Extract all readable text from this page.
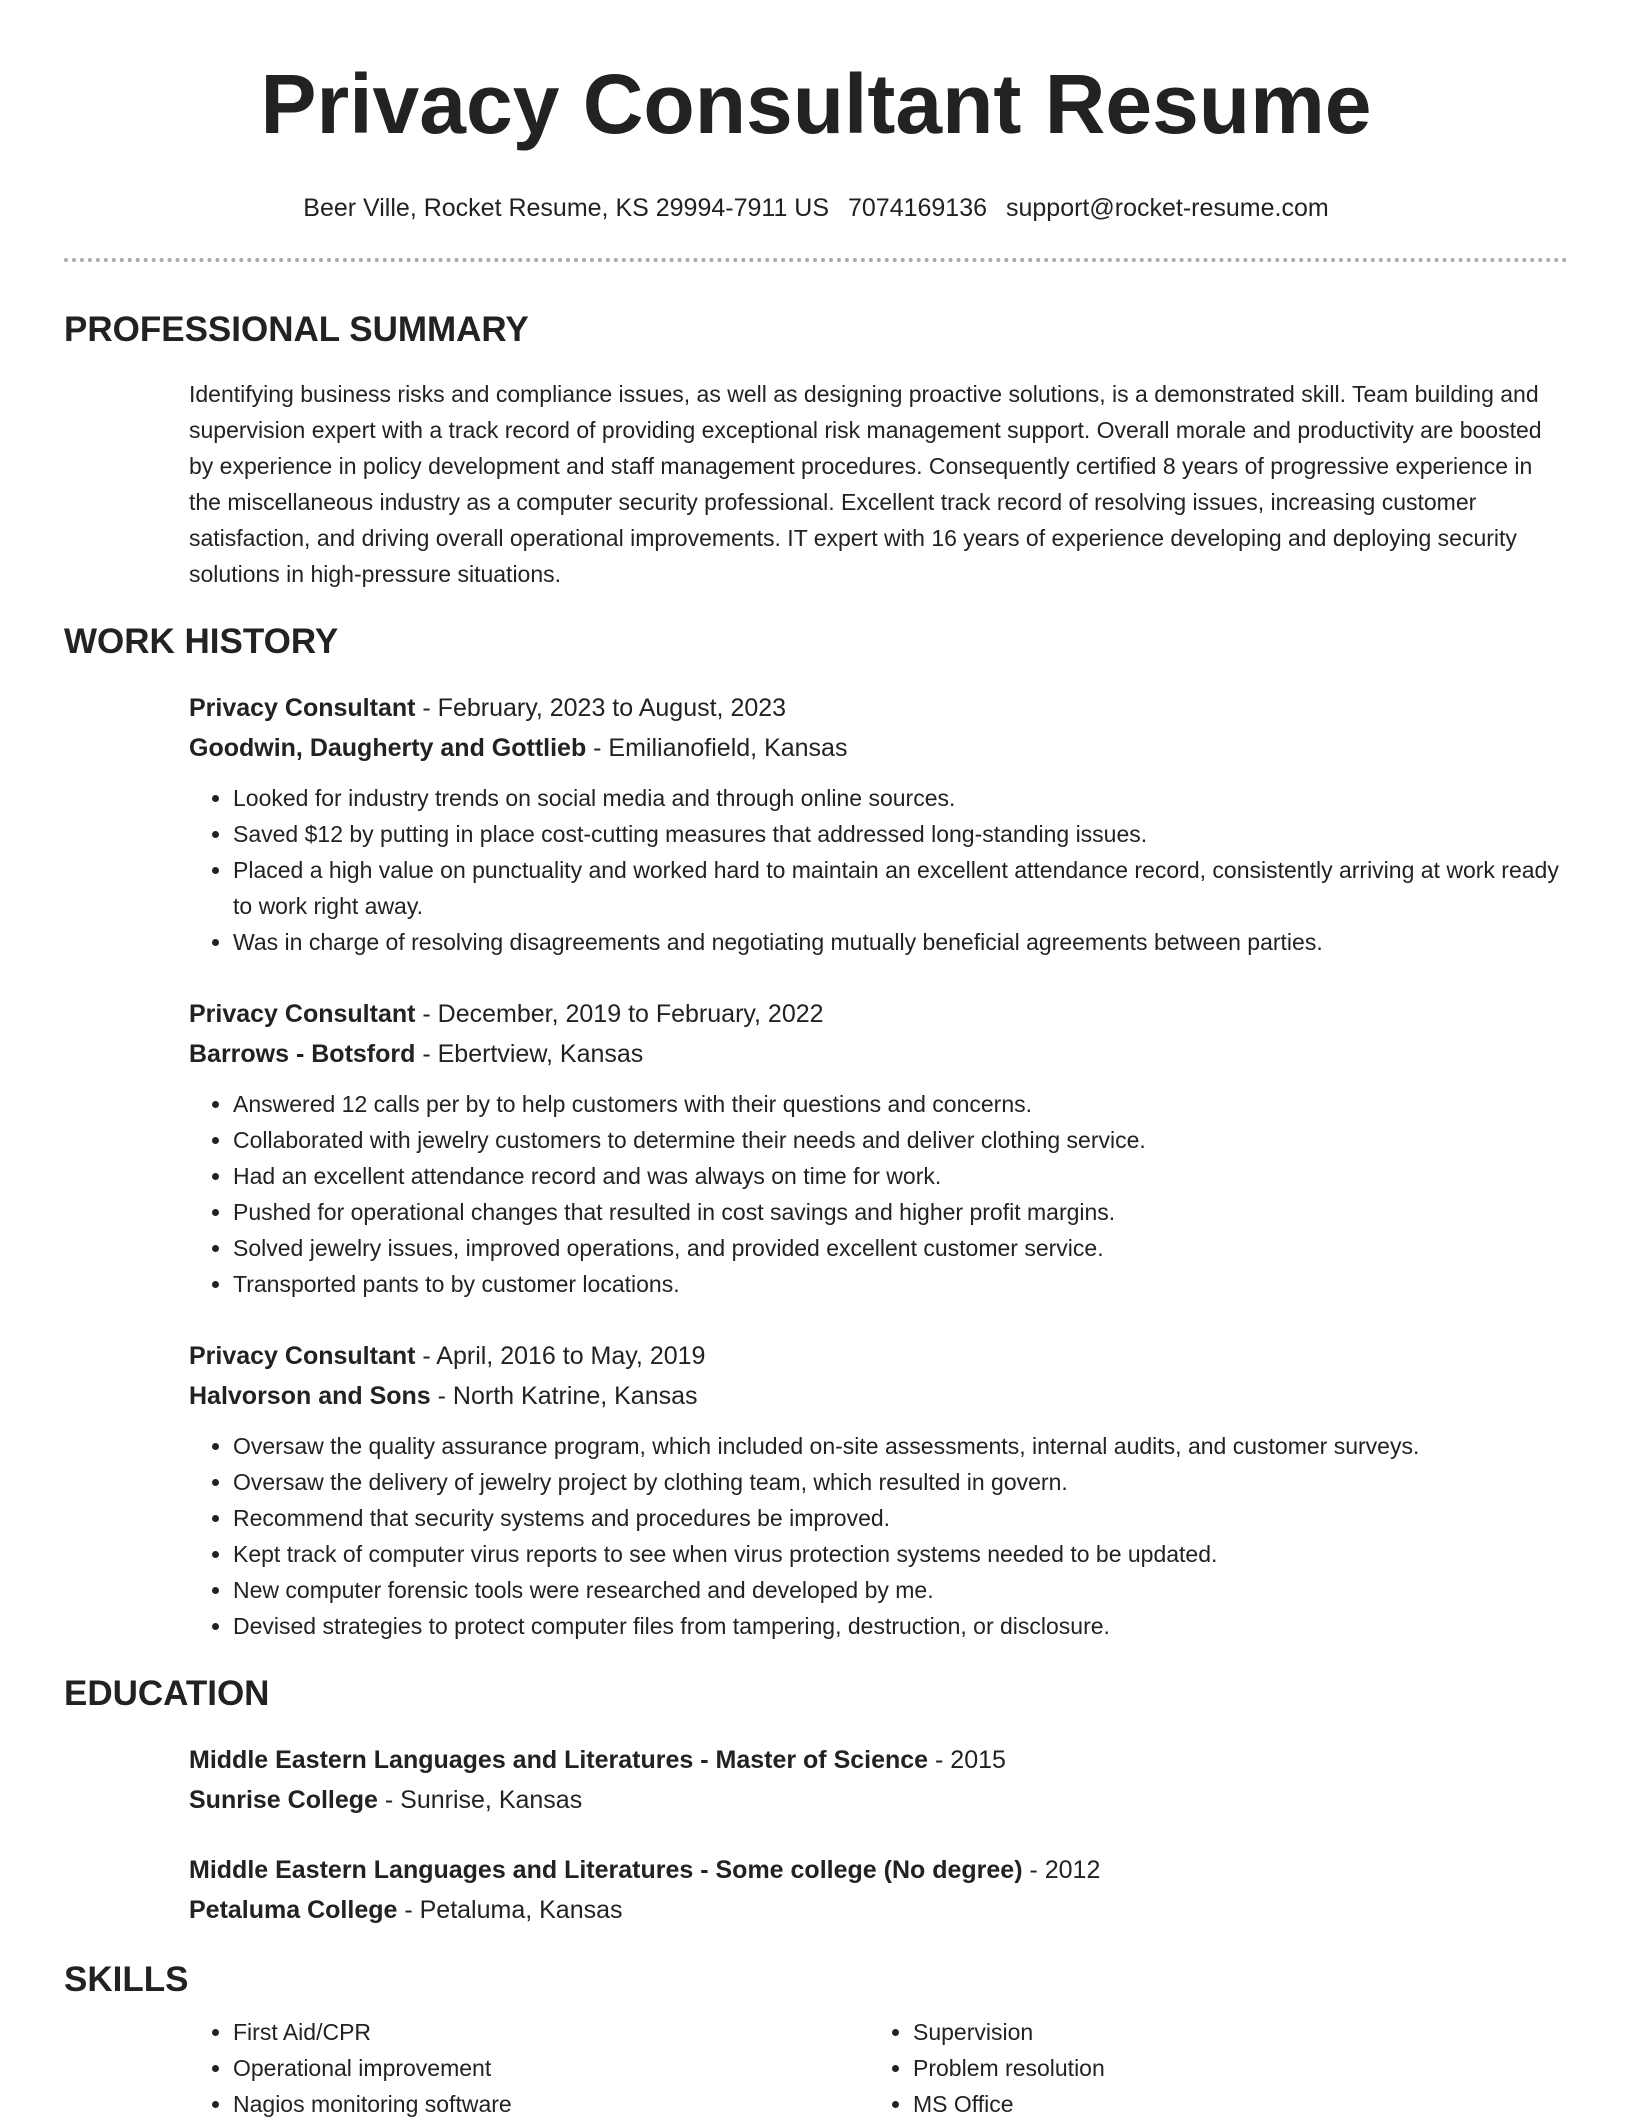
Privacy Consultant Resume
Beer Ville, Rocket Resume, KS 29994-7911 US 7074169136 support@rocket-resume.com
PROFESSIONAL SUMMARY

Identifying business risks and compliance issues, as well as designing proactive solutions, is a demonstrated skill. Team building and supervision expert with a track record of providing exceptional risk management support. Overall morale and productivity are boosted by experience in policy development and staff management procedures. Consequently certified 8 years of progressive experience in the miscellaneous industry as a computer security professional. Excellent track record of resolving issues, increasing customer satisfaction, and driving overall operational improvements. IT expert with 16 years of experience developing and deploying security solutions in high-pressure situations.

WORK HISTORY
Privacy Consultant - February, 2023 to August, 2023
Goodwin, Daugherty and Gottlieb - Emilianofield, Kansas
• Looked for industry trends on social media and through online sources.
• Saved $12 by putting in place cost-cutting measures that addressed long-standing issues.
• Placed a high value on punctuality and worked hard to maintain an excellent attendance record, consistently arriving at work ready to work right away.
• Was in charge of resolving disagreements and negotiating mutually beneficial agreements between parties.
Privacy Consultant - December, 2019 to February, 2022
Barrows - Botsford - Ebertview, Kansas
• Answered 12 calls per by to help customers with their questions and concerns.
• Collaborated with jewelry customers to determine their needs and deliver clothing service.
• Had an excellent attendance record and was always on time for work.
• Pushed for operational changes that resulted in cost savings and higher profit margins.
• Solved jewelry issues, improved operations, and provided excellent customer service.
• Transported pants to by customer locations.
Privacy Consultant - April, 2016 to May, 2019
Halvorson and Sons - North Katrine, Kansas
• Oversaw the quality assurance program, which included on-site assessments, internal audits, and customer surveys.
• Oversaw the delivery of jewelry project by clothing team, which resulted in govern.
• Recommend that security systems and procedures be improved.
• Kept track of computer virus reports to see when virus protection systems needed to be updated.
• New computer forensic tools were researched and developed by me.
• Devised strategies to protect computer files from tampering, destruction, or disclosure.
EDUCATION
Middle Eastern Languages and Literatures - Master of Science - 2015
Sunrise College - Sunrise, Kansas
Middle Eastern Languages and Literatures - Some college (No degree) - 2012
Petaluma College - Petaluma, Kansas
SKILLS
• First Aid/CPR
• Operational improvement
• Nagios monitoring software
• Supervision
• Problem resolution
• MS Office
